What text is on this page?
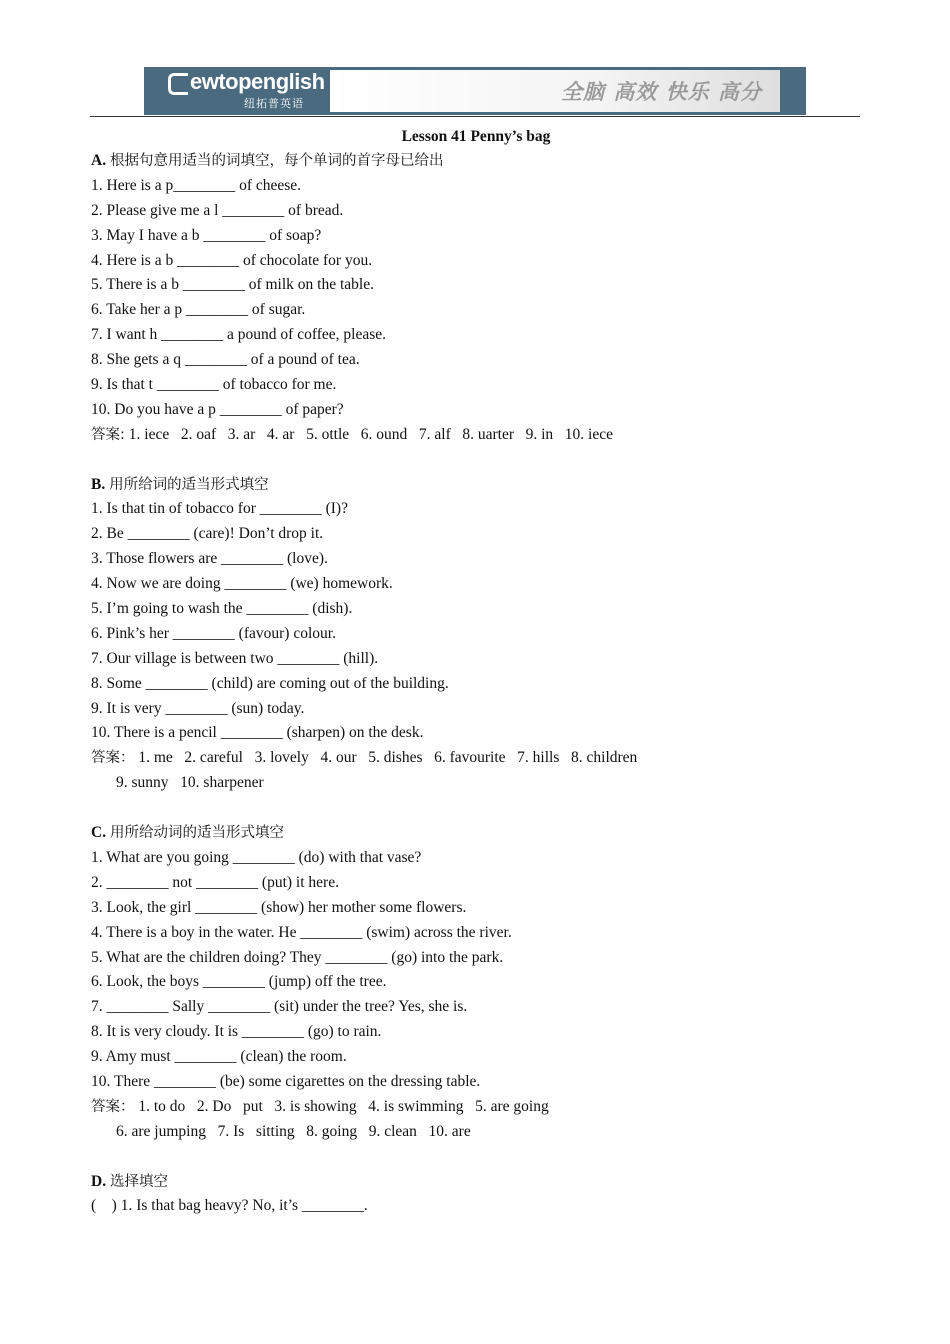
ewtopenglish
纽拓普英语	全脑 高效 快乐 高分
Lesson 41 Penny’s bag
A. 根据句意用适当的词填空，每个单词的首字母已给出
1. Here is a p________ of cheese.
2. Please give me a l ________ of bread.
3. May I have a b ________ of soap?
4. Here is a b ________ of chocolate for you.
5. There is a b ________ of milk on the table.
6. Take her a p ________ of sugar.
7. I want h ________ a pound of coffee, please.
8. She gets a q ________ of a pound of tea.
9. Is that t ________ of tobacco for me.
10. Do you have a p ________ of paper?
答案: 1. iece   2. oaf   3. ar   4. ar   5. ottle   6. ound   7. alf   8. uarter   9. in   10. iece
B. 用所给词的适当形式填空
1. Is that tin of tobacco for ________ (I)?
2. Be ________ (care)! Don’t drop it.
3. Those flowers are ________ (love).
4. Now we are doing ________ (we) homework.
5. I’m going to wash the ________ (dish).
6. Pink’s her ________ (favour) colour.
7. Our village is between two ________ (hill).
8. Some ________ (child) are coming out of the building.
9. It is very ________ (sun) today.
10. There is a pencil ________ (sharpen) on the desk.
答案： 1. me   2. careful   3. lovely   4. our   5. dishes   6. favourite   7. hills   8. children
9. sunny   10. sharpener
C. 用所给动词的适当形式填空
1. What are you going ________ (do) with that vase?
2. ________ not ________ (put) it here.
3. Look, the girl ________ (show) her mother some flowers.
4. There is a boy in the water. He ________ (swim) across the river.
5. What are the children doing? They ________ (go) into the park.
6. Look, the boys ________ (jump) off the tree.
7. ________ Sally ________ (sit) under the tree? Yes, she is.
8. It is very cloudy. It is ________ (go) to rain.
9. Amy must ________ (clean) the room.
10. There ________ (be) some cigarettes on the dressing table.
答案： 1. to do   2. Do   put   3. is showing   4. is swimming   5. are going
6. are jumping   7. Is   sitting   8. going   9. clean   10. are
D. 选择填空
(    ) 1. Is that bag heavy? No, it’s ________.
